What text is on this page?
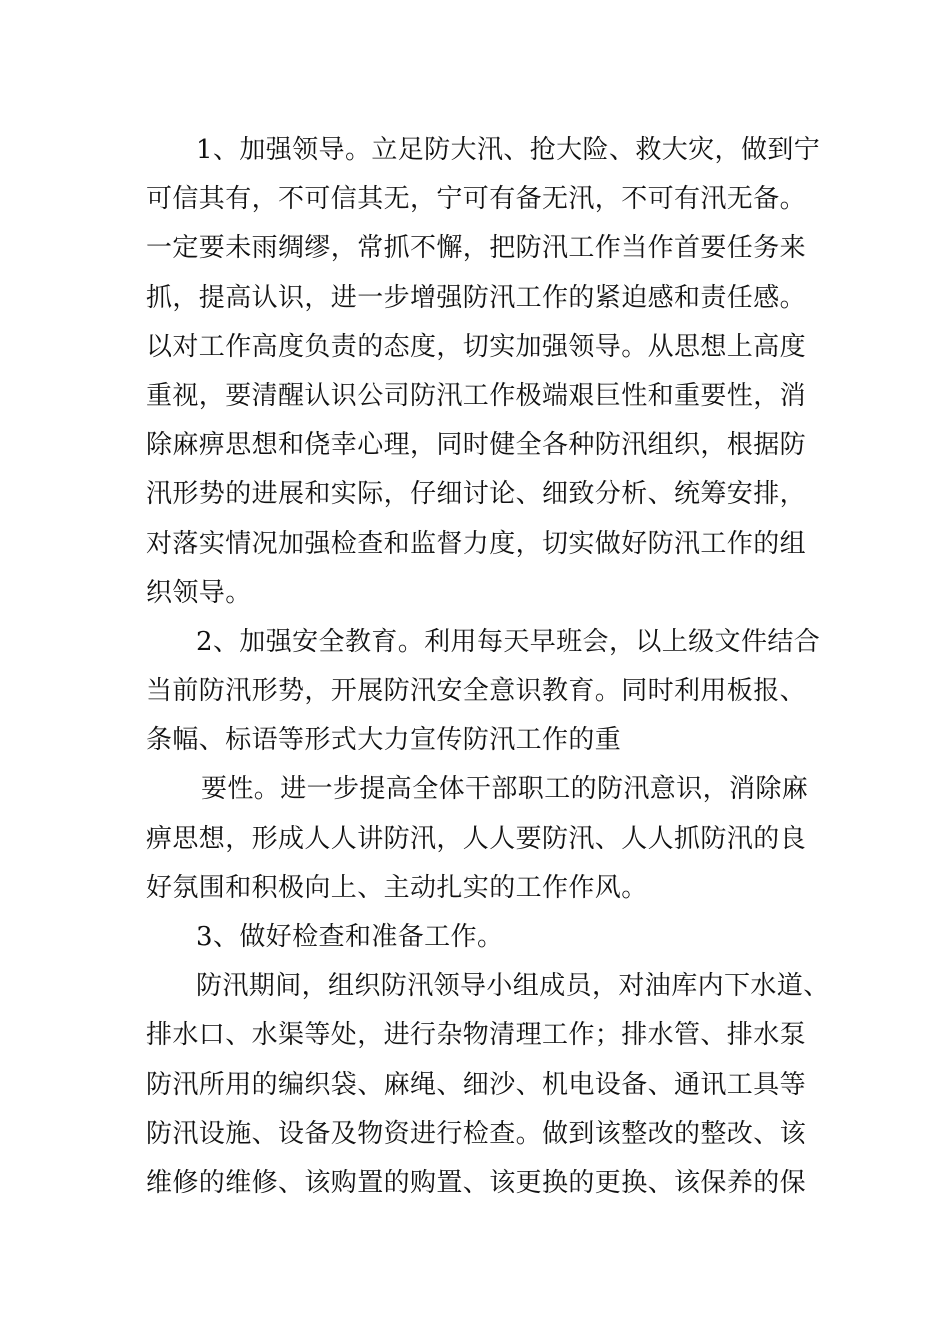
1、加强领导。立足防大汛、抢大险、救大灾，做到宁
可信其有，不可信其无，宁可有备无汛，不可有汛无备。
一定要未雨绸缪，常抓不懈，把防汛工作当作首要任务来
抓，提高认识，进一步增强防汛工作的紧迫感和责任感。
以对工作高度负责的态度，切实加强领导。从思想上高度
重视，要清醒认识公司防汛工作极端艰巨性和重要性，消
除麻痹思想和侥幸心理，同时健全各种防汛组织，根据防
汛形势的进展和实际，仔细讨论、细致分析、统筹安排，
对落实情况加强检查和监督力度，切实做好防汛工作的组
织领导。
2、加强安全教育。利用每天早班会，以上级文件结合
当前防汛形势，开展防汛安全意识教育。同时利用板报、
条幅、标语等形式大力宣传防汛工作的重
要性。进一步提高全体干部职工的防汛意识，消除麻
痹思想，形成人人讲防汛，人人要防汛、人人抓防汛的良
好氛围和积极向上、主动扎实的工作作风。
3、做好检查和准备工作。
防汛期间，组织防汛领导小组成员，对油库内下水道、
排水口、水渠等处，进行杂物清理工作；排水管、排水泵
防汛所用的编织袋、麻绳、细沙、机电设备、通讯工具等
防汛设施、设备及物资进行检查。做到该整改的整改、该
维修的维修、该购置的购置、该更换的更换、该保养的保
